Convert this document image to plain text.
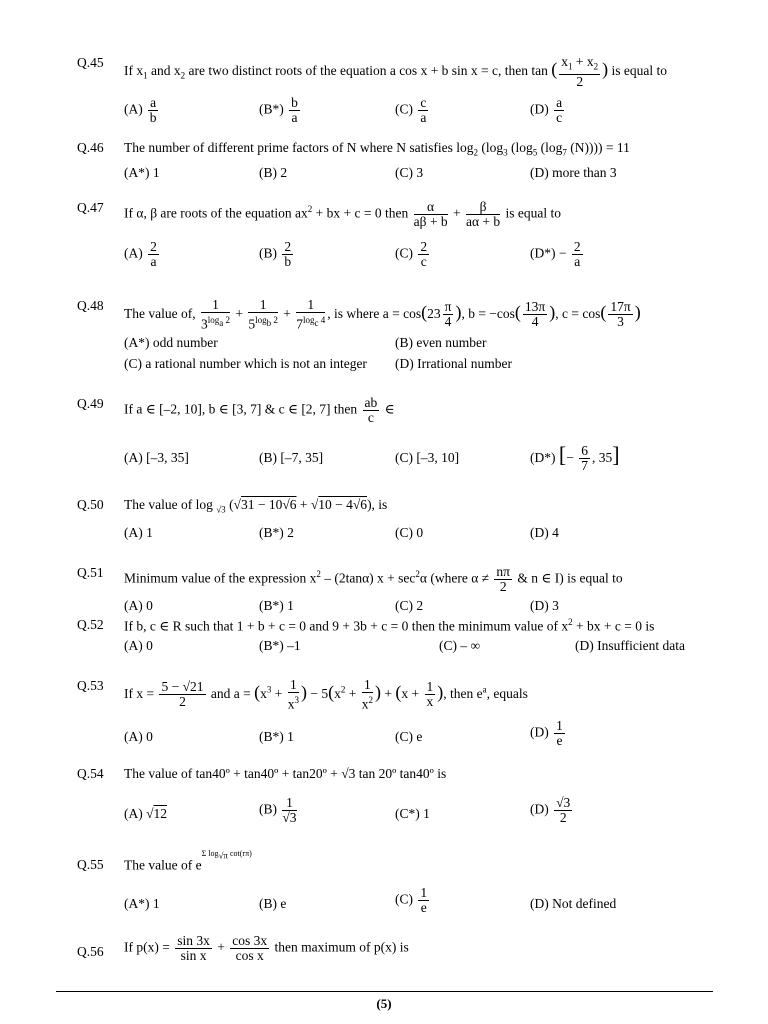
Q.45
If $x_1$ and $x_2$ are two distinct roots of the equation a cos x + b sin x = c, then tan ( $\frac{x_1 + x_2}{2}$ ) is equal to
$(A) \frac{a}{b}$	$(B*) \frac{b}{a}$	$(C) \frac{c}{a}$	$(D) \frac{a}{c}$
Q.46	The number of different prime factors of N where N satisfies $\log_2 (\log_3$ ($\log_5$ ($\log_7$ (N)))) = 11
(A*) 1	(B) 2	(C) 3	(D) more than 3
Q.47	If α, β are roots of the equation $ax^2$ + bx + c = 0 then $\frac{\alpha}{a\beta + b} + \frac{\beta}{a\alpha + b}$ is equal to
$(A) \frac{2}{a}$	$(B) \frac{2}{b}$	$(C) \frac{2}{c}$	$(D*) - \frac{2}{a}$
Q.48
The value of, $\frac{1}{3^{log_a 2}} + \frac{1}{5^{log_b 2}} + \frac{1}{7^{log_c 4}}$ , is where $a = \cos(23 \frac{\pi}{4}$ ), $b = -\cos( \frac{13\pi}{4}$ ), $c = \cos( \frac{17\pi}{3}$ )
(A*) odd number	(B) even number
(C) a rational number which is not an integer (D) Irrational number
Q.49	If a ∈ [–2, 10], b ∈ [3, 7] & c ∈ [2, 7] then $\frac{ab}{c}$ ∈
(A) [–3, 35]	(B) [–7, 35]	(C) [–3, 10]	(D*) [− $\frac{6}{7}$ , 35]
Q.50	The value of log $_{√3}$ (√31 − 10√6 + √10 − 4√6), is
(A) 1	(B*) 2	(C) 0	(D) 4
Q.51	Minimum value of the expression $x^2 - (2\tan\alpha) x + \sec^2\alpha$ (where $\alpha \ne \frac{n\pi}{2}$ & n ∈ I) is equal to
(A) 0	(B*) 1	(C) 2	(D) 3
Q.52	If b, c ∈ R such that 1 + b + c = 0 and 9 + 3b + c = 0 then the minimum value of $x^2$ + bx + c = 0 is
(A) 0	(B*) –1	(C) – ∞	(D) Insufficient data
Q.53
If $x = \frac{5 - √21}{2}$ and $a = (x^3 + \frac{1}{x^3}$ ) − $5(x^2 + \frac{1}{x^2}$ ) + ($x + \frac{1}{x}$ ), then $e^a$, equals
(A) 0	(B*) 1	(C) e	$(D) \frac{1}{e}$
Q.54	The value of tan40º + tan40º + tan20º + √3 tan 20º tan40º is
(A) √12	$(B) \frac{1}{√3}$	(C*) 1	$(D) \frac{√3}{2}$
Q.55	The value of $e^{\Sigma log_{√\pi} cot(r\pi)}$
(A*) 1	(B) e	$(C) \frac{1}{e}$	(D) Not defined
Q.56	If $p(x) = \frac{\sin 3x}{\text{sin x}} + \frac{\cos 3x}{\text{cos x}}$ then maximum of p(x) is
(5)
